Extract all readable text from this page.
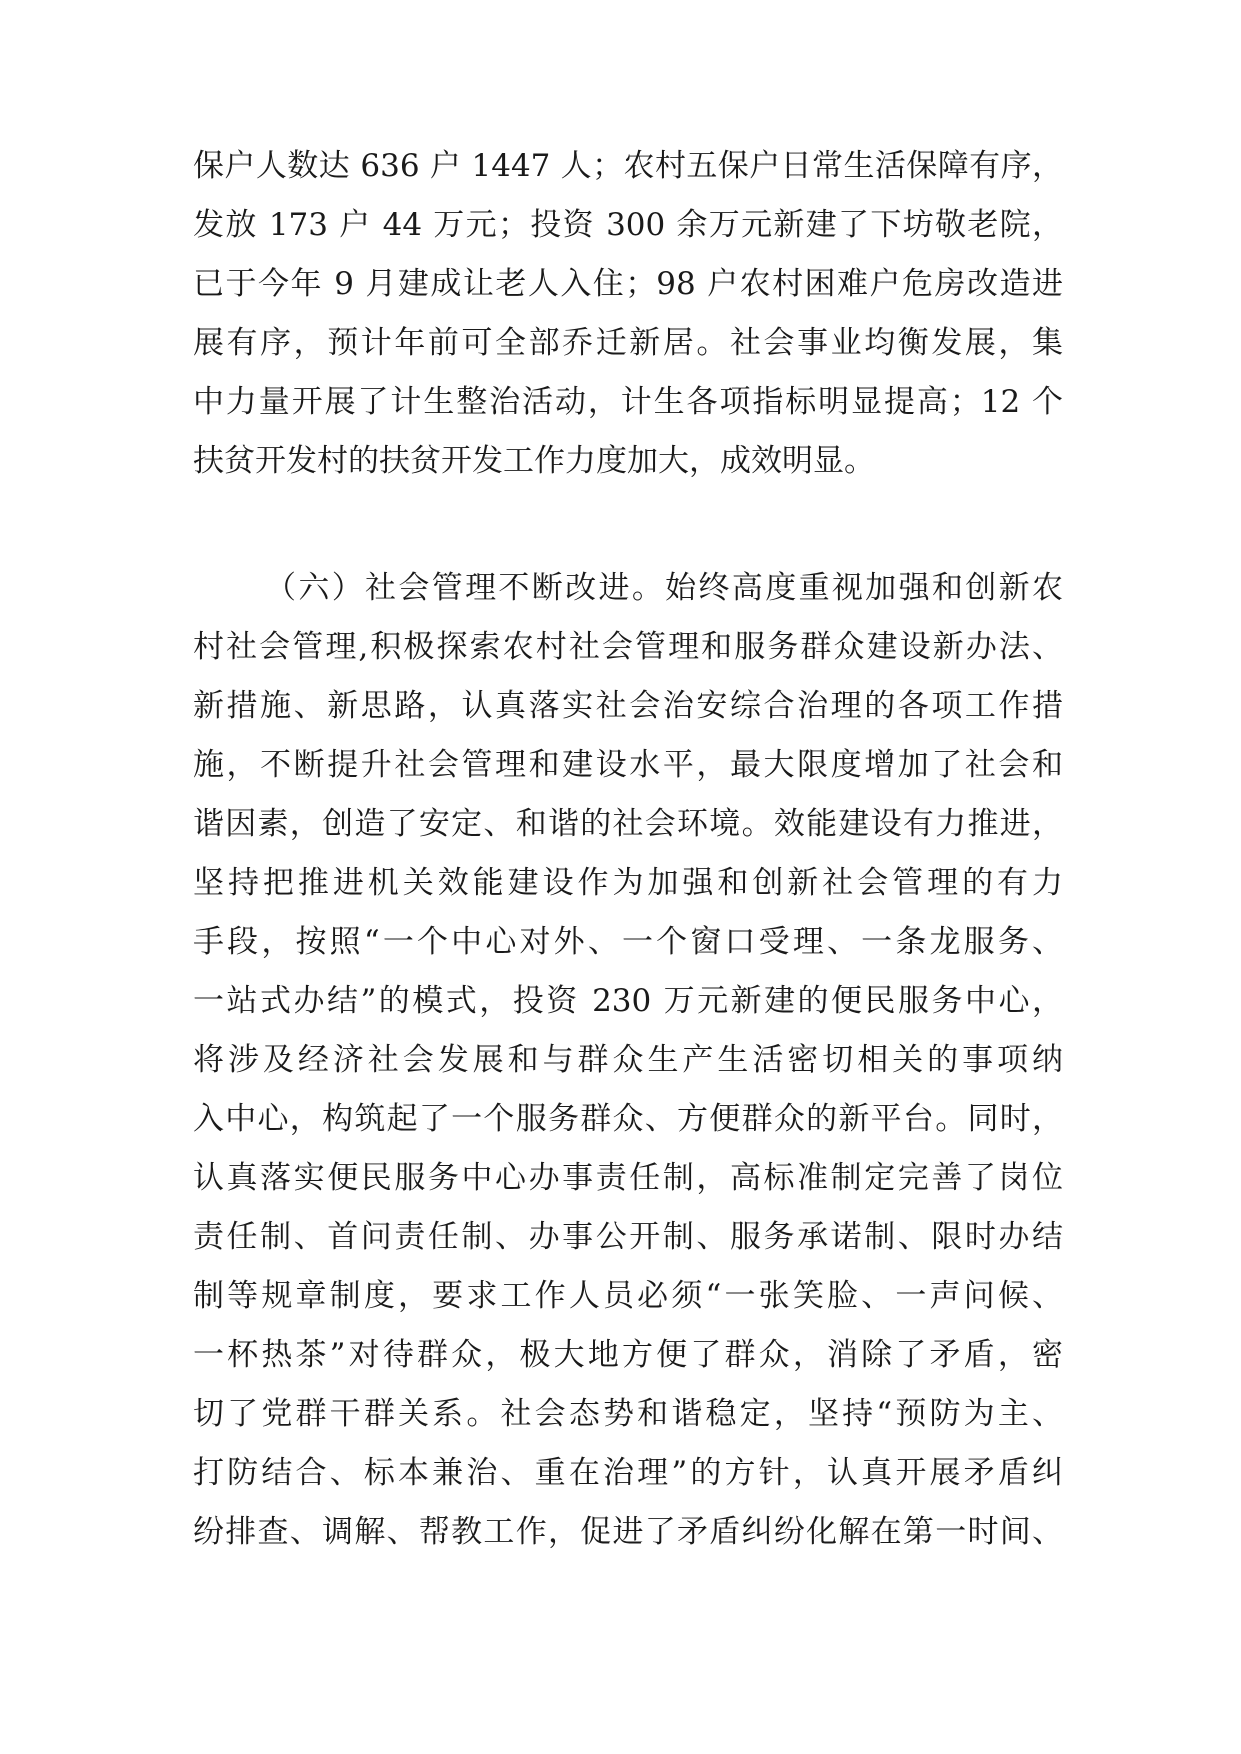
保户人数达 636 户 1447 人；农村五保户日常生活保障有序，
发放 173 户 44 万元；投资 300 余万元新建了下坊敬老院，
已于今年 9 月建成让老人入住；98 户农村困难户危房改造进
展有序，预计年前可全部乔迁新居。社会事业均衡发展，集
中力量开展了计生整治活动，计生各项指标明显提高；12 个
扶贫开发村的扶贫开发工作力度加大，成效明显。
（六）社会管理不断改进。始终高度重视加强和创新农
村社会管理,积极探索农村社会管理和服务群众建设新办法、
新措施、新思路，认真落实社会治安综合治理的各项工作措
施，不断提升社会管理和建设水平，最大限度增加了社会和
谐因素，创造了安定、和谐的社会环境。效能建设有力推进，
坚持把推进机关效能建设作为加强和创新社会管理的有力
手段，按照“一个中心对外、一个窗口受理、一条龙服务、
一站式办结”的模式，投资 230 万元新建的便民服务中心，
将涉及经济社会发展和与群众生产生活密切相关的事项纳
入中心，构筑起了一个服务群众、方便群众的新平台。同时，
认真落实便民服务中心办事责任制，高标准制定完善了岗位
责任制、首问责任制、办事公开制、服务承诺制、限时办结
制等规章制度，要求工作人员必须“一张笑脸、一声问候、
一杯热茶”对待群众，极大地方便了群众，消除了矛盾，密
切了党群干群关系。社会态势和谐稳定，坚持“预防为主、
打防结合、标本兼治、重在治理”的方针，认真开展矛盾纠
纷排查、调解、帮教工作，促进了矛盾纠纷化解在第一时间、
